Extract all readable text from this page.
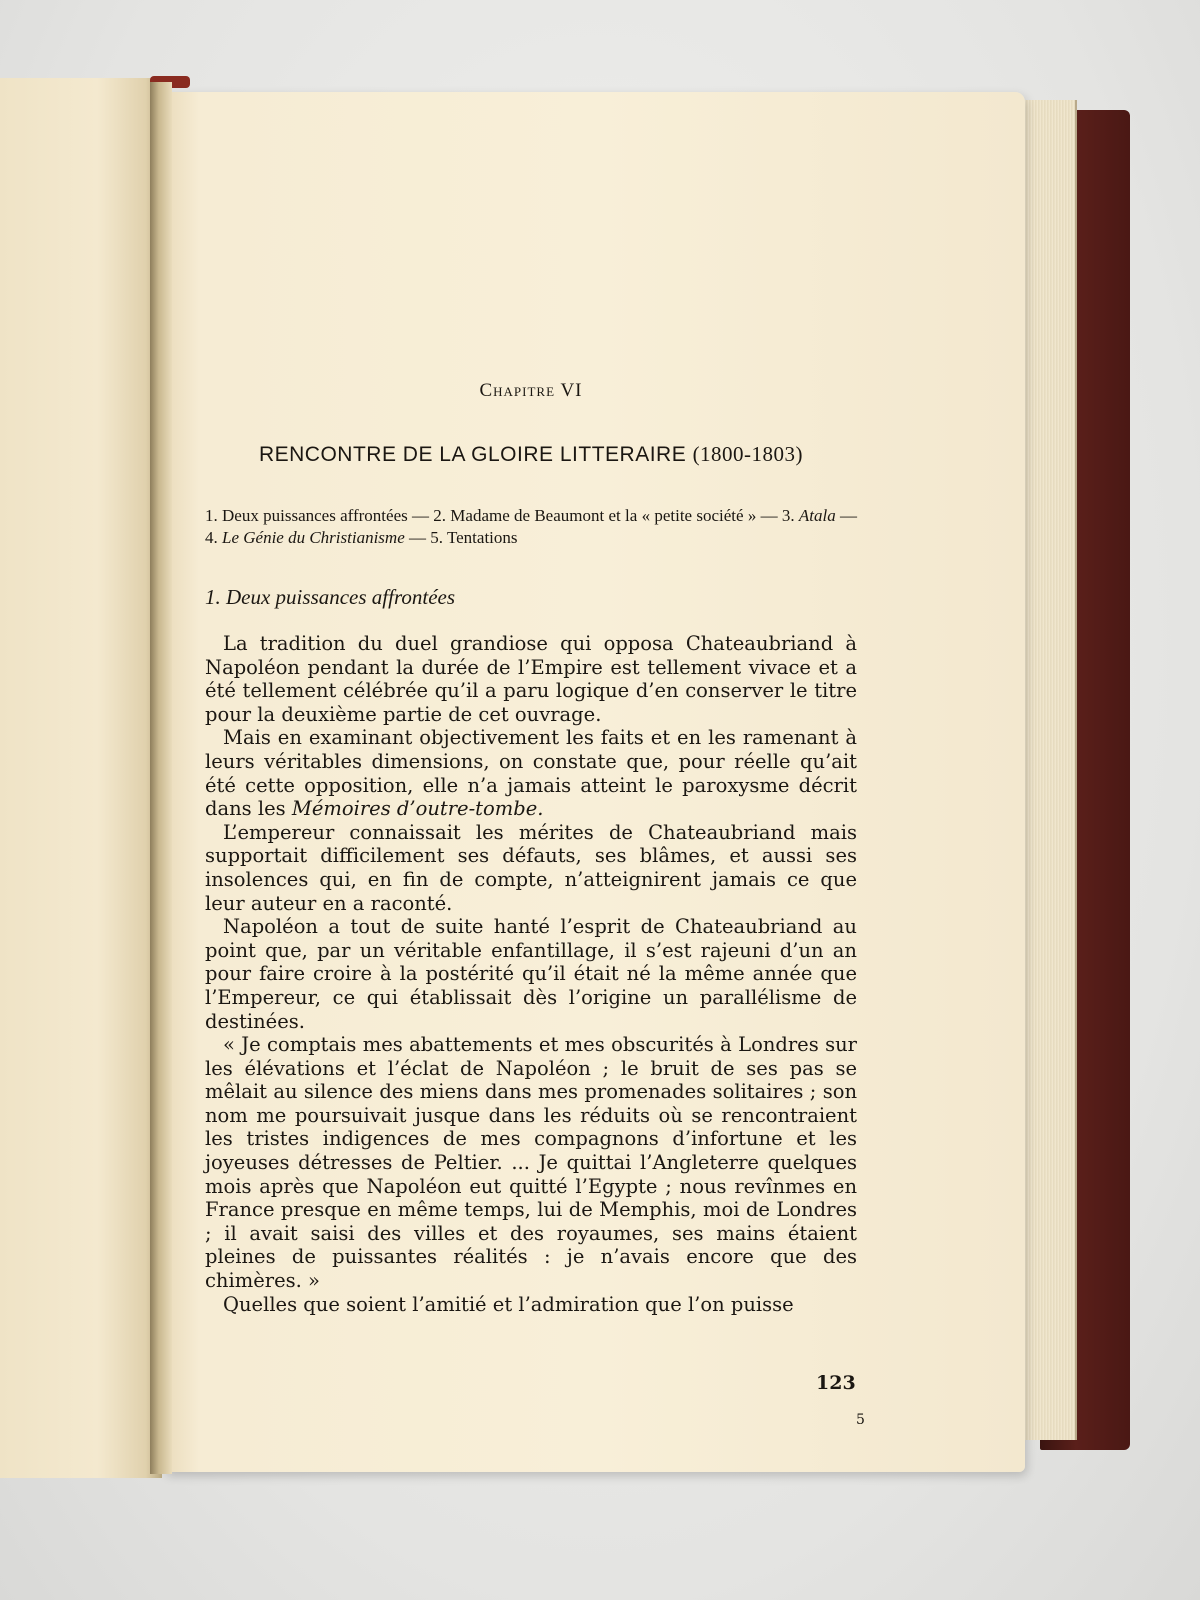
Chapitre VI
RENCONTRE DE LA GLOIRE LITTERAIRE (1800-1803)

1. Deux puissances affrontées — 2. Madame de Beaumont et la « petite société » — 3. Atala — 4. Le Génie du Christianisme — 5. Tentations

1. Deux puissances affrontées

La tradition du duel grandiose qui opposa Chateaubriand à Napoléon pendant la durée de l’Empire est tellement vivace et a été tellement célébrée qu’il a paru logique d’en conserver le titre pour la deuxième partie de cet ouvrage.

Mais en examinant objectivement les faits et en les ramenant à leurs véritables dimensions, on constate que, pour réelle qu’ait été cette opposition, elle n’a jamais atteint le paroxysme décrit dans les Mémoires d’outre-tombe.

L’empereur connaissait les mérites de Chateaubriand mais supportait difficilement ses défauts, ses blâmes, et aussi ses insolences qui, en fin de compte, n’atteignirent jamais ce que leur auteur en a raconté.

Napoléon a tout de suite hanté l’esprit de Chateaubriand au point que, par un véritable enfantillage, il s’est rajeuni d’un an pour faire croire à la postérité qu’il était né la même année que l’Empereur, ce qui établissait dès l’origine un parallélisme de destinées.

« Je comptais mes abattements et mes obscurités à Londres sur les élévations et l’éclat de Napoléon ; le bruit de ses pas se mêlait au silence des miens dans mes promenades solitaires ; son nom me poursuivait jusque dans les réduits où se rencontraient les tristes indigences de mes compagnons d’infortune et les joyeuses détresses de Peltier. ... Je quittai l’Angleterre quelques mois après que Napoléon eut quitté l’Egypte ; nous revînmes en France presque en même temps, lui de Memphis, moi de Londres ; il avait saisi des villes et des royaumes, ses mains étaient pleines de puissantes réalités : je n’avais encore que des chimères. »

Quelles que soient l’amitié et l’admiration que l’on puisse

123
5
